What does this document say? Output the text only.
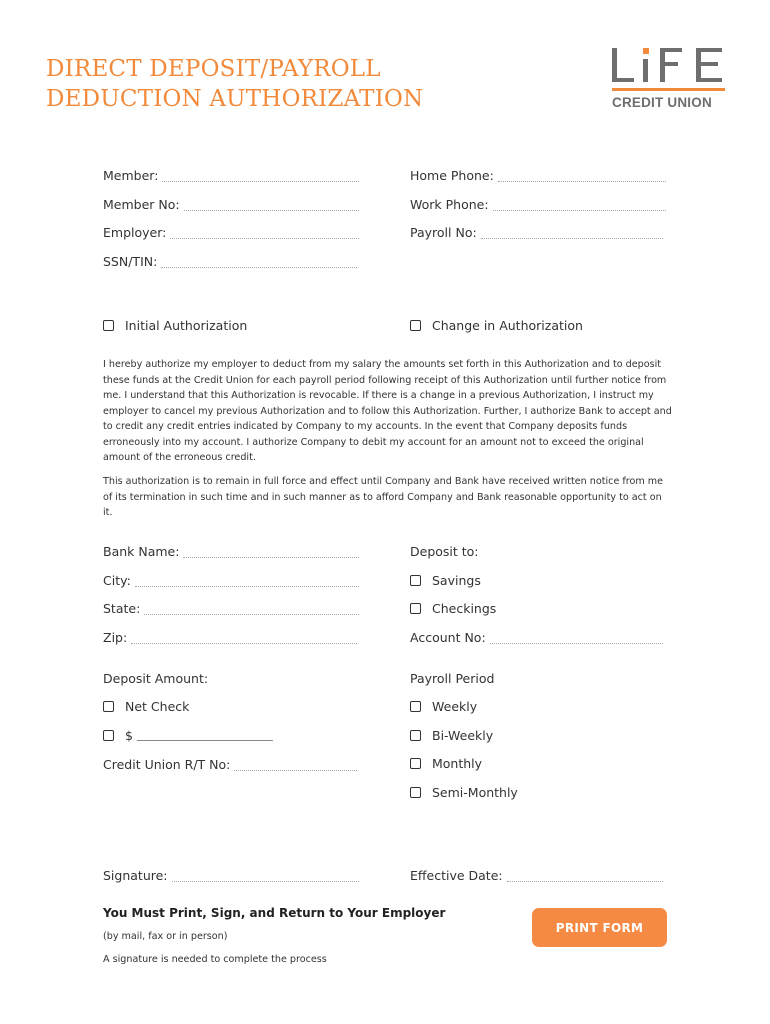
DIRECT DEPOSIT/PAYROLL
DEDUCTION AUTHORIZATION	CREDIT UNION
Member:	Home Phone:
Member No:	Work Phone:
Employer:	Payroll No:
SSN/TIN:
Initial Authorization	Change in Authorization
I hereby authorize my employer to deduct from my salary the amounts set forth in this Authorization and to deposit these funds at the Credit Union for each payroll period following receipt of this Authorization until further notice from me. I understand that this Authorization is revocable. If there is a change in a previous Authorization, I instruct my employer to cancel my previous Authorization and to follow this Authorization. Further, I authorize Bank to accept and to credit any credit entries indicated by Company to my accounts. In the event that Company deposits funds erroneously into my account. I authorize Company to debit my account for an amount not to exceed the original amount of the erroneous credit.
This authorization is to remain in full force and effect until Company and Bank have received written notice from me of its termination in such time and in such manner as to afford Company and Bank reasonable opportunity to act on it.
Bank Name:	Deposit to:
City:	Savings
State:	Checkings
Zip:	Account No:
Deposit Amount:	Payroll Period
Net Check	Weekly
$	Bi-Weekly
Credit Union R/T No:	Monthly
Semi-Monthly
Signature:	Effective Date:
You Must Print, Sign, and Return to Your Employer
(by mail, fax or in person)
A signature is needed to complete the process
PRINT FORM
